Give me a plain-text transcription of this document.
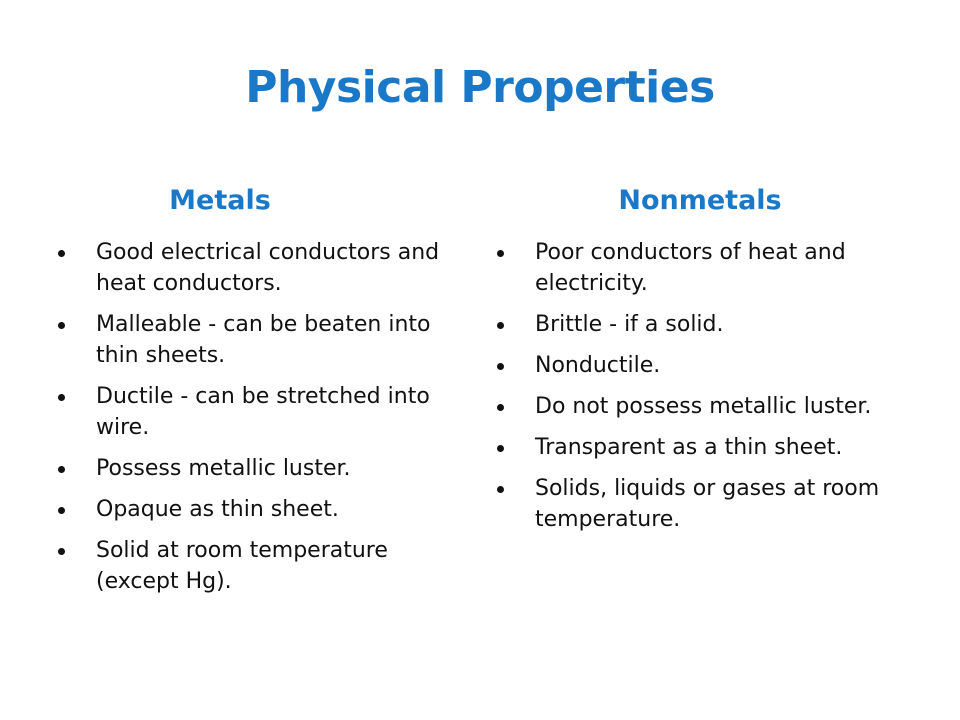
Physical Properties
Metals	Nonmetals
Good electrical conductors and heat conductors.
Malleable - can be beaten into thin sheets.
Ductile - can be stretched into wire.
Possess metallic luster.
Opaque as thin sheet.
Solid at room temperature (except Hg).
Poor conductors of heat and electricity.
Brittle - if a solid.
Nonductile.
Do not possess metallic luster.
Transparent as a thin sheet.
Solids, liquids or gases at room temperature.
